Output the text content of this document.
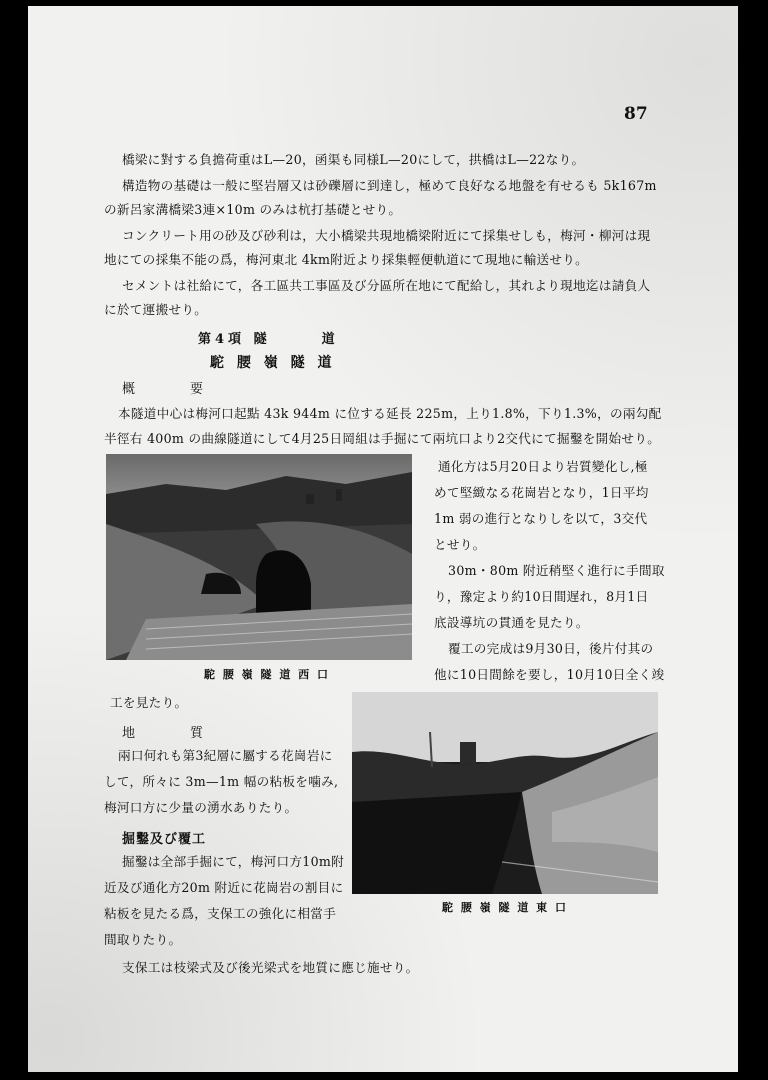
87
橋梁に對する負擔荷重はL—20，函渠も同様L—20にして，拱橋はL—22なり。
構造物の基礎は一般に堅岩層又は砂礫層に到達し，極めて良好なる地盤を有せるも 5k167m
の新呂家溝橋梁3連×10m のみは杭打基礎とせり。
コンクリート用の砂及び砂利は，大小橋梁共現地橋梁附近にて採集せしも，梅河・柳河は現
地にての採集不能の爲，梅河東北 4km附近より採集輕便軌道にて現地に輸送せり。
セメントは社給にて，各工區共工事區及び分區所在地にて配給し，其れより現地迄は請負人
に於て運搬せり。
第4項 隧　　　道
駝 腰 嶺 隧 道
概　　　要
本隧道中心は梅河口起點 43k 944m に位する延長 225m，上り1.8%，下り1.3%，の兩勾配
半徑右 400m の曲線隧道にして4月25日岡組は手掘にて兩坑口より2交代にて掘鑿を開始せり。
駝 腰 嶺 隧 道 西 口
通化方は5月20日より岩質變化し,極
めて堅緻なる花崗岩となり，1日平均
1m 弱の進行となりしを以て，3交代
とせり。
30m・80m 附近稍堅く進行に手間取
り，豫定より約10日間遅れ，8月1日
底設導坑の貫通を見たり。
覆工の完成は9月30日，後片付其の
他に10日間餘を要し，10月10日全く竣
工を見たり。
駝 腰 嶺 隧 道 東 口
地　　　質
兩口何れも第3紀層に屬する花崗岩に
して，所々に 3m—1m 幅の粘板を噛み,
梅河口方に少量の湧水ありたり。
掘鑿及び覆工
掘鑿は全部手掘にて，梅河口方10m附
近及び通化方20m 附近に花崗岩の割目に
粘板を見たる爲，支保工の強化に相當手
間取りたり。
支保工は枝梁式及び後光梁式を地質に應じ施せり。
